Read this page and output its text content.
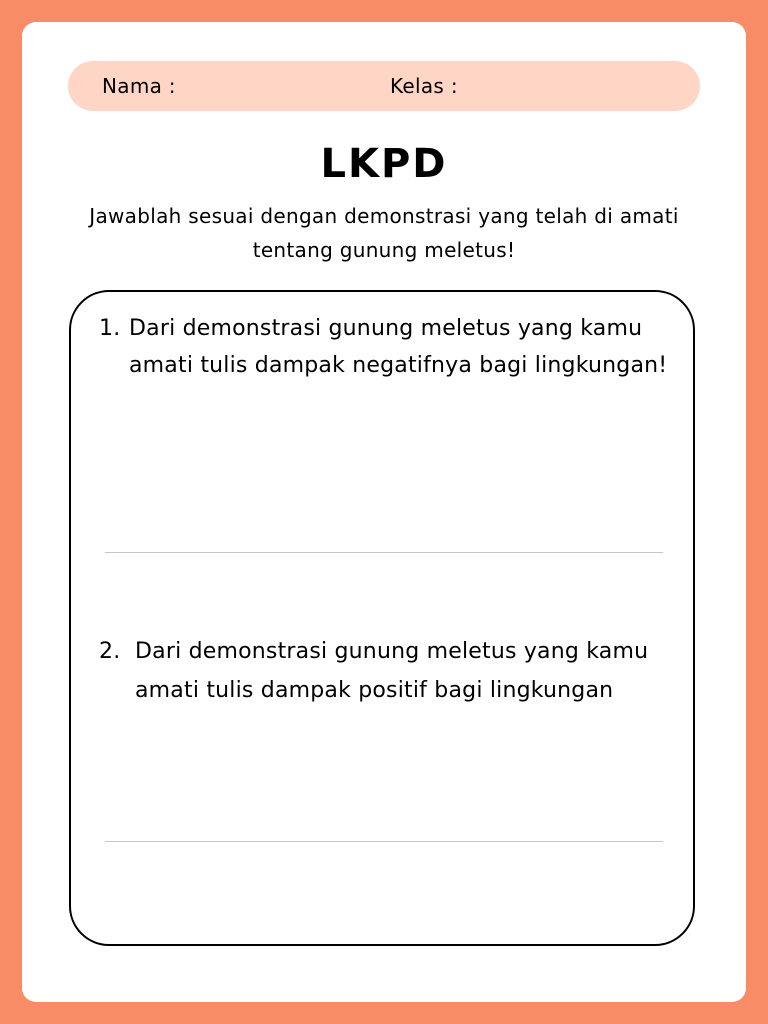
Nama :	Kelas :
LKPD
Jawablah sesuai dengan demonstrasi yang telah di amati tentang gunung meletus!
1. Dari demonstrasi gunung meletus yang kamu amati tulis dampak negatifnya bagi lingkungan!
2. Dari demonstrasi gunung meletus yang kamu amati tulis dampak positif bagi lingkungan
